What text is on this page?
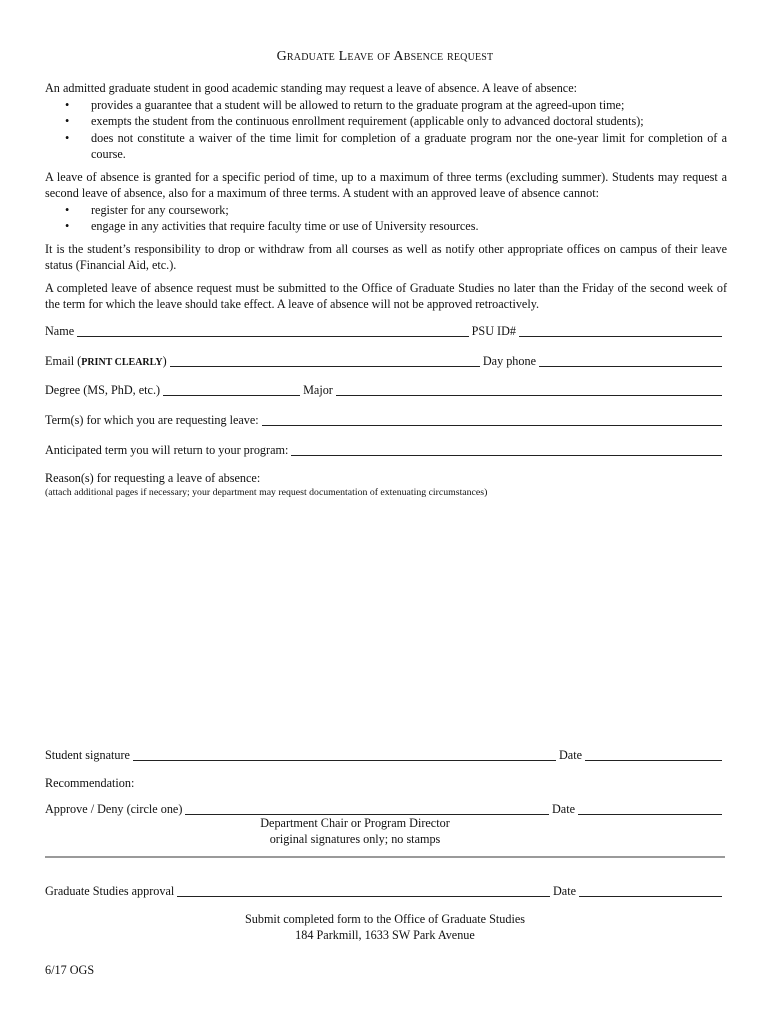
Graduate Leave of Absence request

An admitted graduate student in good academic standing may request a leave of absence. A leave of absence:

• provides a guarantee that a student will be allowed to return to the graduate program at the agreed-upon time;
• exempts the student from the continuous enrollment requirement (applicable only to advanced doctoral students);
• does not constitute a waiver of the time limit for completion of a graduate program nor the one-year limit for completion of a course.

A leave of absence is granted for a specific period of time, up to a maximum of three terms (excluding summer). Students may request a second leave of absence, also for a maximum of three terms. A student with an approved leave of absence cannot:

• register for any coursework;
• engage in any activities that require faculty time or use of University resources.

It is the student’s responsibility to drop or withdraw from all courses as well as notify other appropriate offices on campus of their leave status (Financial Aid, etc.).

A completed leave of absence request must be submitted to the Office of Graduate Studies no later than the Friday of the second week of the term for which the leave should take effect. A leave of absence will not be approved retroactively.

Name	PSU ID#
Email (PRINT CLEARLY)	Day phone
Degree (MS, PhD, etc.)	Major
Term(s) for which you are requesting leave:
Anticipated term you will return to your program:
Reason(s) for requesting a leave of absence:
(attach additional pages if necessary; your department may request documentation of extenuating circumstances)
Student signature	Date
Recommendation:
Approve / Deny (circle one)	Date
Department Chair or Program Director
original signatures only; no stamps
Graduate Studies approval	Date
Submit completed form to the Office of Graduate Studies
184 Parkmill, 1633 SW Park Avenue
6/17 OGS
